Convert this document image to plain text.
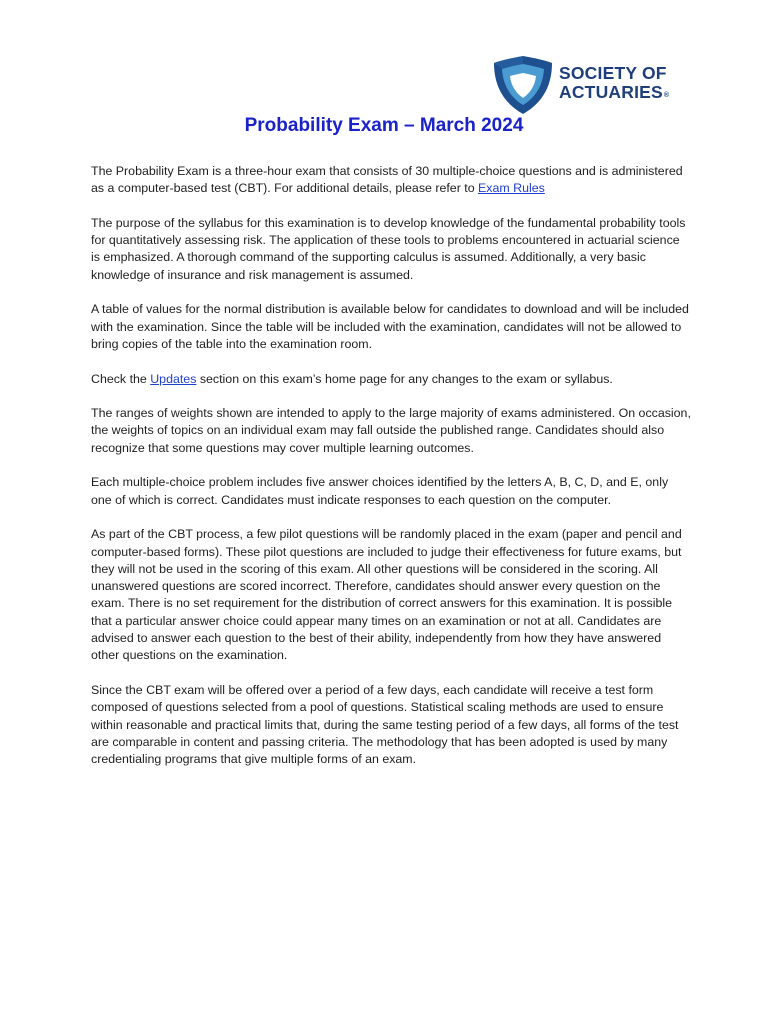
SOCIETY OF
ACTUARIES®
Probability Exam – March 2024

The Probability Exam is a three-hour exam that consists of 30 multiple-choice questions and is administered as a computer-based test (CBT). For additional details, please refer to Exam Rules

The purpose of the syllabus for this examination is to develop knowledge of the fundamental probability tools for quantitatively assessing risk. The application of these tools to problems encountered in actuarial science is emphasized. A thorough command of the supporting calculus is assumed. Additionally, a very basic knowledge of insurance and risk management is assumed.

A table of values for the normal distribution is available below for candidates to download and will be included with the examination. Since the table will be included with the examination, candidates will not be allowed to bring copies of the table into the examination room.

Check the Updates section on this exam’s home page for any changes to the exam or syllabus.

The ranges of weights shown are intended to apply to the large majority of exams administered. On occasion, the weights of topics on an individual exam may fall outside the published range. Candidates should also recognize that some questions may cover multiple learning outcomes.

Each multiple-choice problem includes five answer choices identified by the letters A, B, C, D, and E, only one of which is correct. Candidates must indicate responses to each question on the computer.

As part of the CBT process, a few pilot questions will be randomly placed in the exam (paper and pencil and computer-based forms). These pilot questions are included to judge their effectiveness for future exams, but they will not be used in the scoring of this exam. All other questions will be considered in the scoring. All unanswered questions are scored incorrect. Therefore, candidates should answer every question on the exam. There is no set requirement for the distribution of correct answers for this examination. It is possible that a particular answer choice could appear many times on an examination or not at all. Candidates are advised to answer each question to the best of their ability, independently from how they have answered other questions on the examination.

Since the CBT exam will be offered over a period of a few days, each candidate will receive a test form composed of questions selected from a pool of questions. Statistical scaling methods are used to ensure within reasonable and practical limits that, during the same testing period of a few days, all forms of the test are comparable in content and passing criteria. The methodology that has been adopted is used by many credentialing programs that give multiple forms of an exam.
